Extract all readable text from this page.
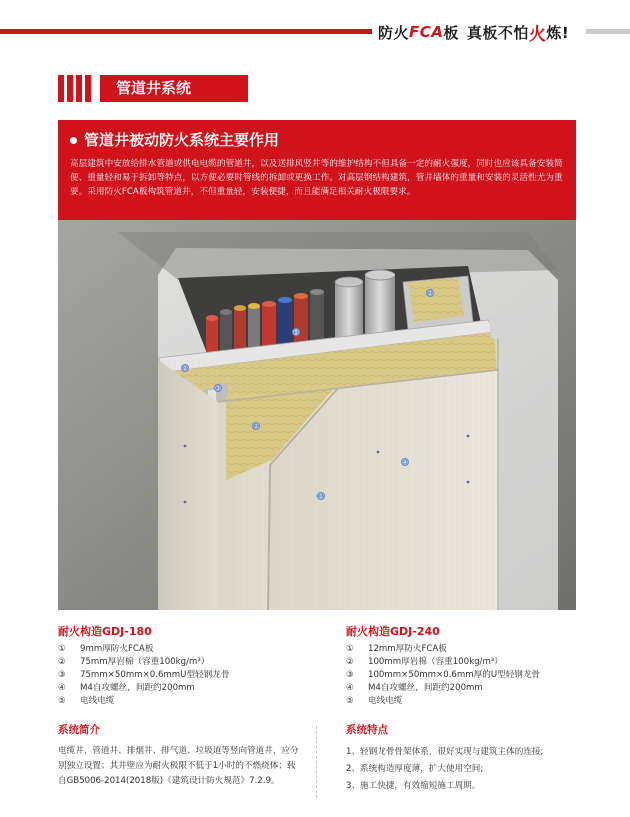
防火 FCA 板 真板不怕 火 炼!
管道井系统
管道井被动防火系统主要作用
高层建筑中安放给排水管道或供电电缆的管道井，以及送排风竖井等的维护结构不但具备一定的耐火强度，同时也应该具备安装简便、重量轻和易于拆卸等特点，以方便必要时管线的拆卸或更换工作。对高层钢结构建筑，管井墙体的重量和安装的灵活性尤为重要。采用防火FCA板构筑管道井，不但重量轻，安装便捷，而且能满足相关耐火极限要求。
②
②
⑤
②
③
④
①
耐火构造GDJ-180
①	9mm厚防火FCA板
②	75mm厚岩棉（容重100kg/m³）
③	75mm×50mm×0.6mmU型轻钢龙骨
④	M4自攻螺丝，间距约200mm
⑤	电线电缆
系统简介
电缆井、管道井、排烟井、排气道、垃圾道等竖向管道井，应分别独立设置；其井壁应为耐火极限不低于1小时的不燃烧体；载自GB5006-2014(2018版)《建筑设计防火规范》7.2.9。
耐火构造GDJ-240
①	12mm厚防火FCA板
②	100mm厚岩棉（容重100kg/m³）
③	100mm×50mm×0.6mm厚的U型轻钢龙骨
④	M4自攻螺丝，间距约200mm
⑤	电线电缆
系统特点
1、轻钢龙骨骨架体系，很好实现与建筑主体的连接;
2、系统构造厚度薄，扩大使用空间;
3、施工快捷，有效缩短施工周期。
